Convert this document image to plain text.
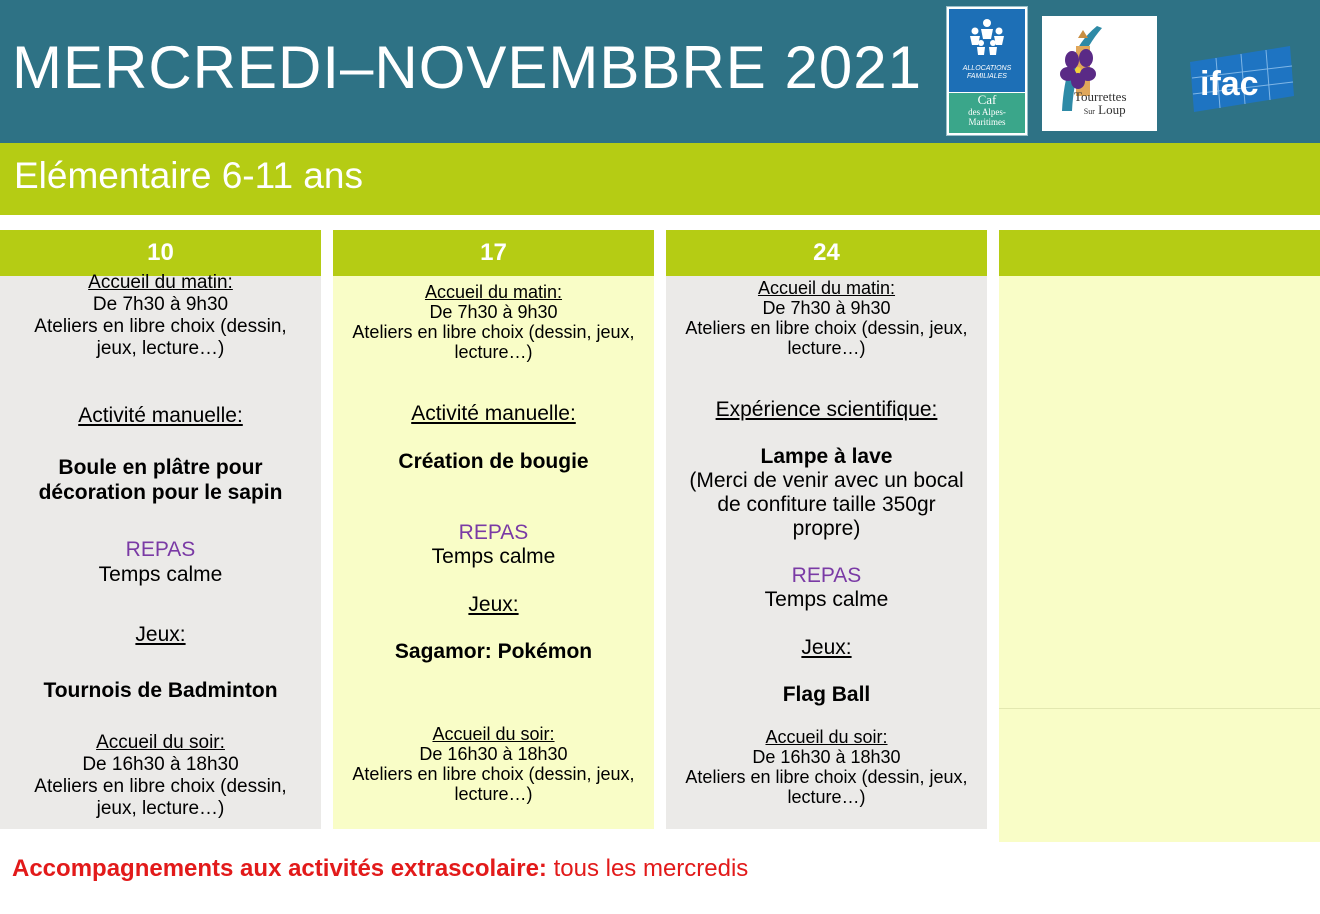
MERCREDI–NOVEMBBRE 2021	ALLOCATIONS
FAMILIALES
Caf
des Alpes-
Maritimes
Tourrettes
Sur Loup
ifac
Elémentaire 6-11 ans
10
Accueil du matin:
De 7h30 à 9h30
Ateliers en libre choix (dessin,
jeux, lecture…)
Activité manuelle:
Boule en plâtre pour
décoration pour le sapin
REPAS
Temps calme
Jeux:
Tournois de Badminton
Accueil du soir:
De 16h30 à 18h30
Ateliers en libre choix (dessin,
jeux, lecture…)
17
Accueil du matin:
De 7h30 à 9h30
Ateliers en libre choix (dessin, jeux,
lecture…)
Activité manuelle:
Création de bougie
REPAS
Temps calme
Jeux:
Sagamor: Pokémon
Accueil du soir:
De 16h30 à 18h30
Ateliers en libre choix (dessin, jeux,
lecture…)
24
Accueil du matin:
De 7h30 à 9h30
Ateliers en libre choix (dessin, jeux,
lecture…)
Expérience scientifique:
Lampe à lave
(Merci de venir avec un bocal
de confiture taille 350gr
propre)
REPAS
Temps calme
Jeux:
Flag Ball
Accueil du soir:
De 16h30 à 18h30
Ateliers en libre choix (dessin, jeux,
lecture…)
Accompagnements aux activités extrascolaire: tous les mercredis
